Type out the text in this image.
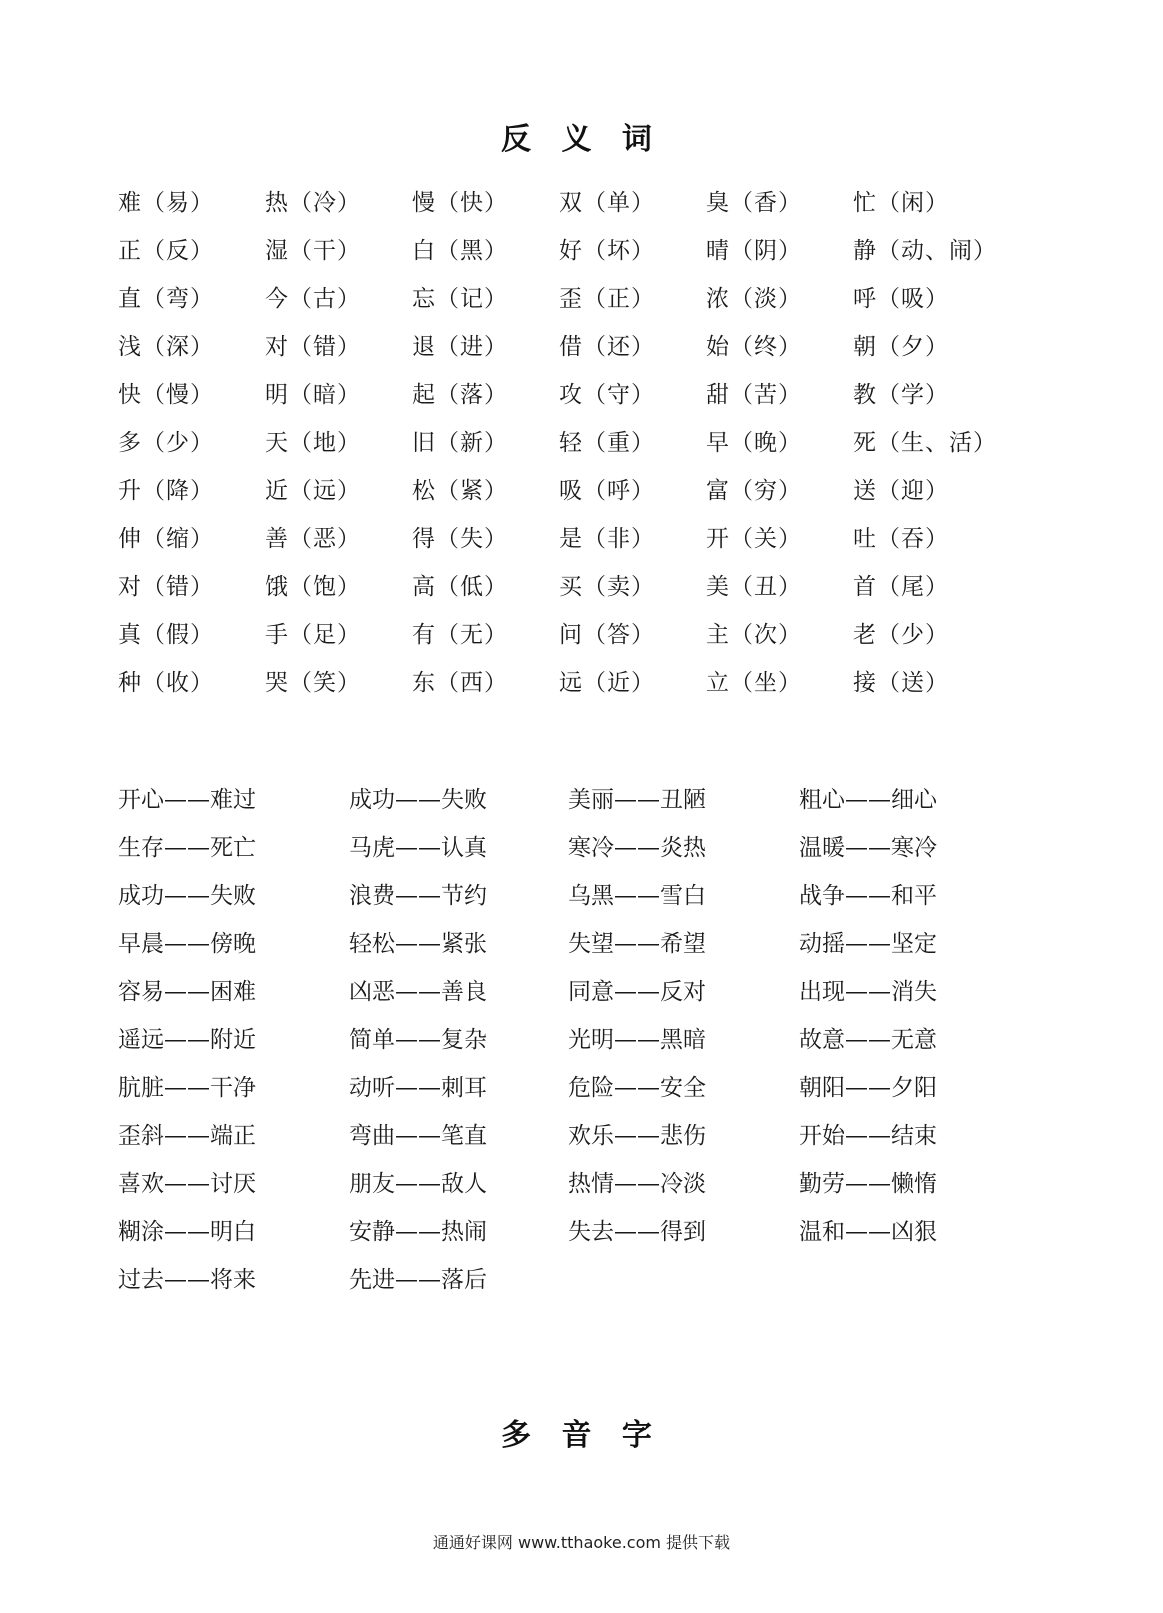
反 义 词
难（易）	热（冷）	慢（快）	双（单）	臭（香）	忙（闲）
正（反）	湿（干）	白（黑）	好（坏）	晴（阴）	静（动、闹）
直（弯）	今（古）	忘（记）	歪（正）	浓（淡）	呼（吸）
浅（深）	对（错）	退（进）	借（还）	始（终）	朝（夕）
快（慢）	明（暗）	起（落）	攻（守）	甜（苦）	教（学）
多（少）	天（地）	旧（新）	轻（重）	早（晚）	死（生、活）
升（降）	近（远）	松（紧）	吸（呼）	富（穷）	送（迎）
伸（缩）	善（恶）	得（失）	是（非）	开（关）	吐（吞）
对（错）	饿（饱）	高（低）	买（卖）	美（丑）	首（尾）
真（假）	手（足）	有（无）	问（答）	主（次）	老（少）
种（收）	哭（笑）	东（西）	远（近）	立（坐）	接（送）
开心——难过	成功——失败	美丽——丑陋	粗心——细心
生存——死亡	马虎——认真	寒冷——炎热	温暖——寒冷
成功——失败	浪费——节约	乌黑——雪白	战争——和平
早晨——傍晚	轻松——紧张	失望——希望	动摇——坚定
容易——困难	凶恶——善良	同意——反对	出现——消失
遥远——附近	简单——复杂	光明——黑暗	故意——无意
肮脏——干净	动听——刺耳	危险——安全	朝阳——夕阳
歪斜——端正	弯曲——笔直	欢乐——悲伤	开始——结束
喜欢——讨厌	朋友——敌人	热情——冷淡	勤劳——懒惰
糊涂——明白	安静——热闹	失去——得到	温和——凶狠
过去——将来	先进——落后
多 音 字
通通好课网 www.tthaoke.com 提供下载
